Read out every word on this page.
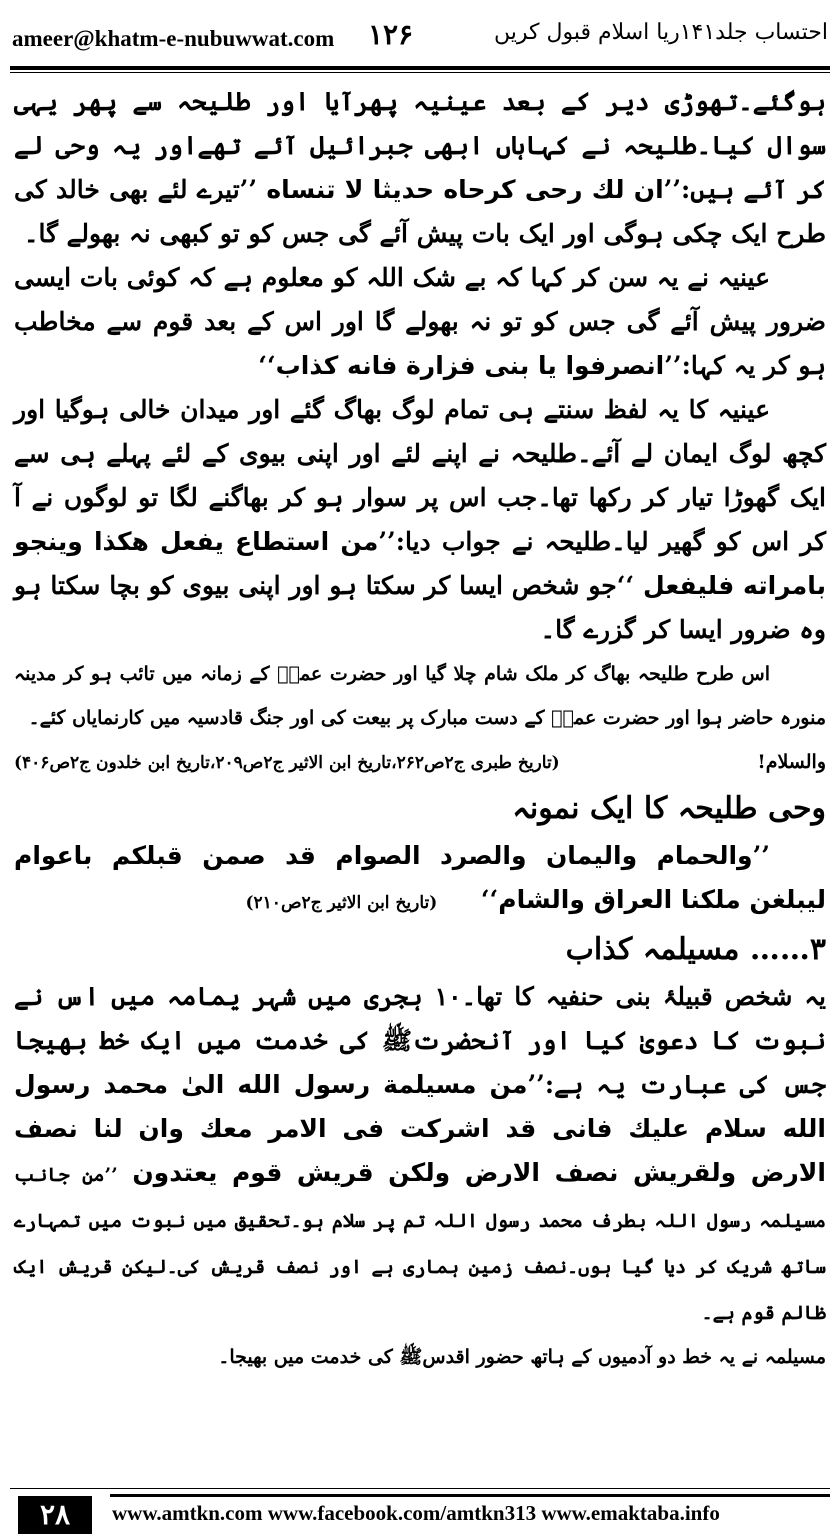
ameer@khatm-e-nubuwwat.com ۱۲۶	احتساب جلد۱۴۱ریا اسلام قبول کریں

ہوگئے۔تھوڑی دیر کے بعد عینیہ پھرآیا اور طلیحہ سے پھر یہی سوال کیا۔طلیحہ نے کہاہاں ابھی جبرائیل آئے تھےاور یہ وحی لے کر آئے ہیں:’’ان لك رحى كرحاه حديثا لا تنساه ’’تیرے لئے بھی خالد کی طرح ایک چکی ہوگی اور ایک بات پیش آئے گی جس کو تو کبھی نہ بھولے گا۔

عینیہ نے یہ سن کر کہا کہ بے شک اللہ کو معلوم ہے کہ کوئی بات ایسی ضرور پیش آئے گی جس کو تو نہ بھولے گا اور اس کے بعد قوم سے مخاطب ہو کر یہ کہا:’’انصرفوا يا بنى فزارة فانه كذاب‘‘

عینیہ کا یہ لفظ سنتے ہی تمام لوگ بھاگ گئے اور میدان خالی ہوگیا اور کچھ لوگ ایمان لے آئے۔طلیحہ نے اپنے لئے اور اپنی بیوی کے لئے پہلے ہی سے ایک گھوڑا تیار کر رکھا تھا۔جب اس پر سوار ہو کر بھاگنے لگا تو لوگوں نے آ کر اس کو گھیر لیا۔طلیحہ نے جواب دیا:’’من استطاع يفعل هكذا وينجو بامراته فليفعل ‘‘جو شخص ایسا کر سکتا ہو اور اپنی بیوی کو بچا سکتا ہو وہ ضرور ایسا کر گزرے گا۔

اس طرح طلیحہ بھاگ کر ملک شام چلا گیا اور حضرت عمرؓ کے زمانہ میں تائب ہو کر مدینہ منورہ حاضر ہوا اور حضرت عمرؓ کے دست مبارک پر بیعت کی اور جنگ قادسیہ میں کارنمایاں کئے۔

والسلام!
(تاریخ طبری ج۲ص۲۶۲،تاریخ ابن الاثیر ج۲ص۲۰۹،تاریخ ابن خلدون ج۲ص۴۰۶)

وحی طلیحہ کا ایک نمونہ

’’والحمام واليمان والصرد الصوام قد صمن قبلكم باعوام ليبلغن ملكنا العراق والشام‘‘     (تاریخ ابن الاثیر ج۲ص۲۱۰)

۳…… مسیلمہ کذاب

یہ شخص قبیلۂ بنی حنفیہ کا تھا۔۱۰ ہجری میں شہر یمامہ میں اس نے نبوت کا دعویٰ کیا اور آنحضرتﷺ کی خدمت میں ایک خط بھیجا جس کی عبارت یہ ہے:’’من مسيلمة رسول الله الىٰ محمد رسول الله سلام عليك فانى قد اشركت فى الامر معك وان لنا نصف الارض ولقريش نصف الارض ولكن قريش قوم يعتدون ’’من جانب مسیلمہ رسول اللہ بطرف محمد رسول اللہ تم پر سلام ہو۔تحقیق میں نبوت میں تمہارے ساتھ شریک کر دیا گیا ہوں۔نصف زمین ہماری ہے اور نصف قریش کی۔لیکن قریش ایک ظالم قوم ہے۔

مسیلمہ نے یہ خط دو آدمیوں کے ہاتھ حضور اقدسﷺ کی خدمت میں بھیجا۔

۲۸	www.amtkn.com www.facebook.com/amtkn313 www.emaktaba.info
